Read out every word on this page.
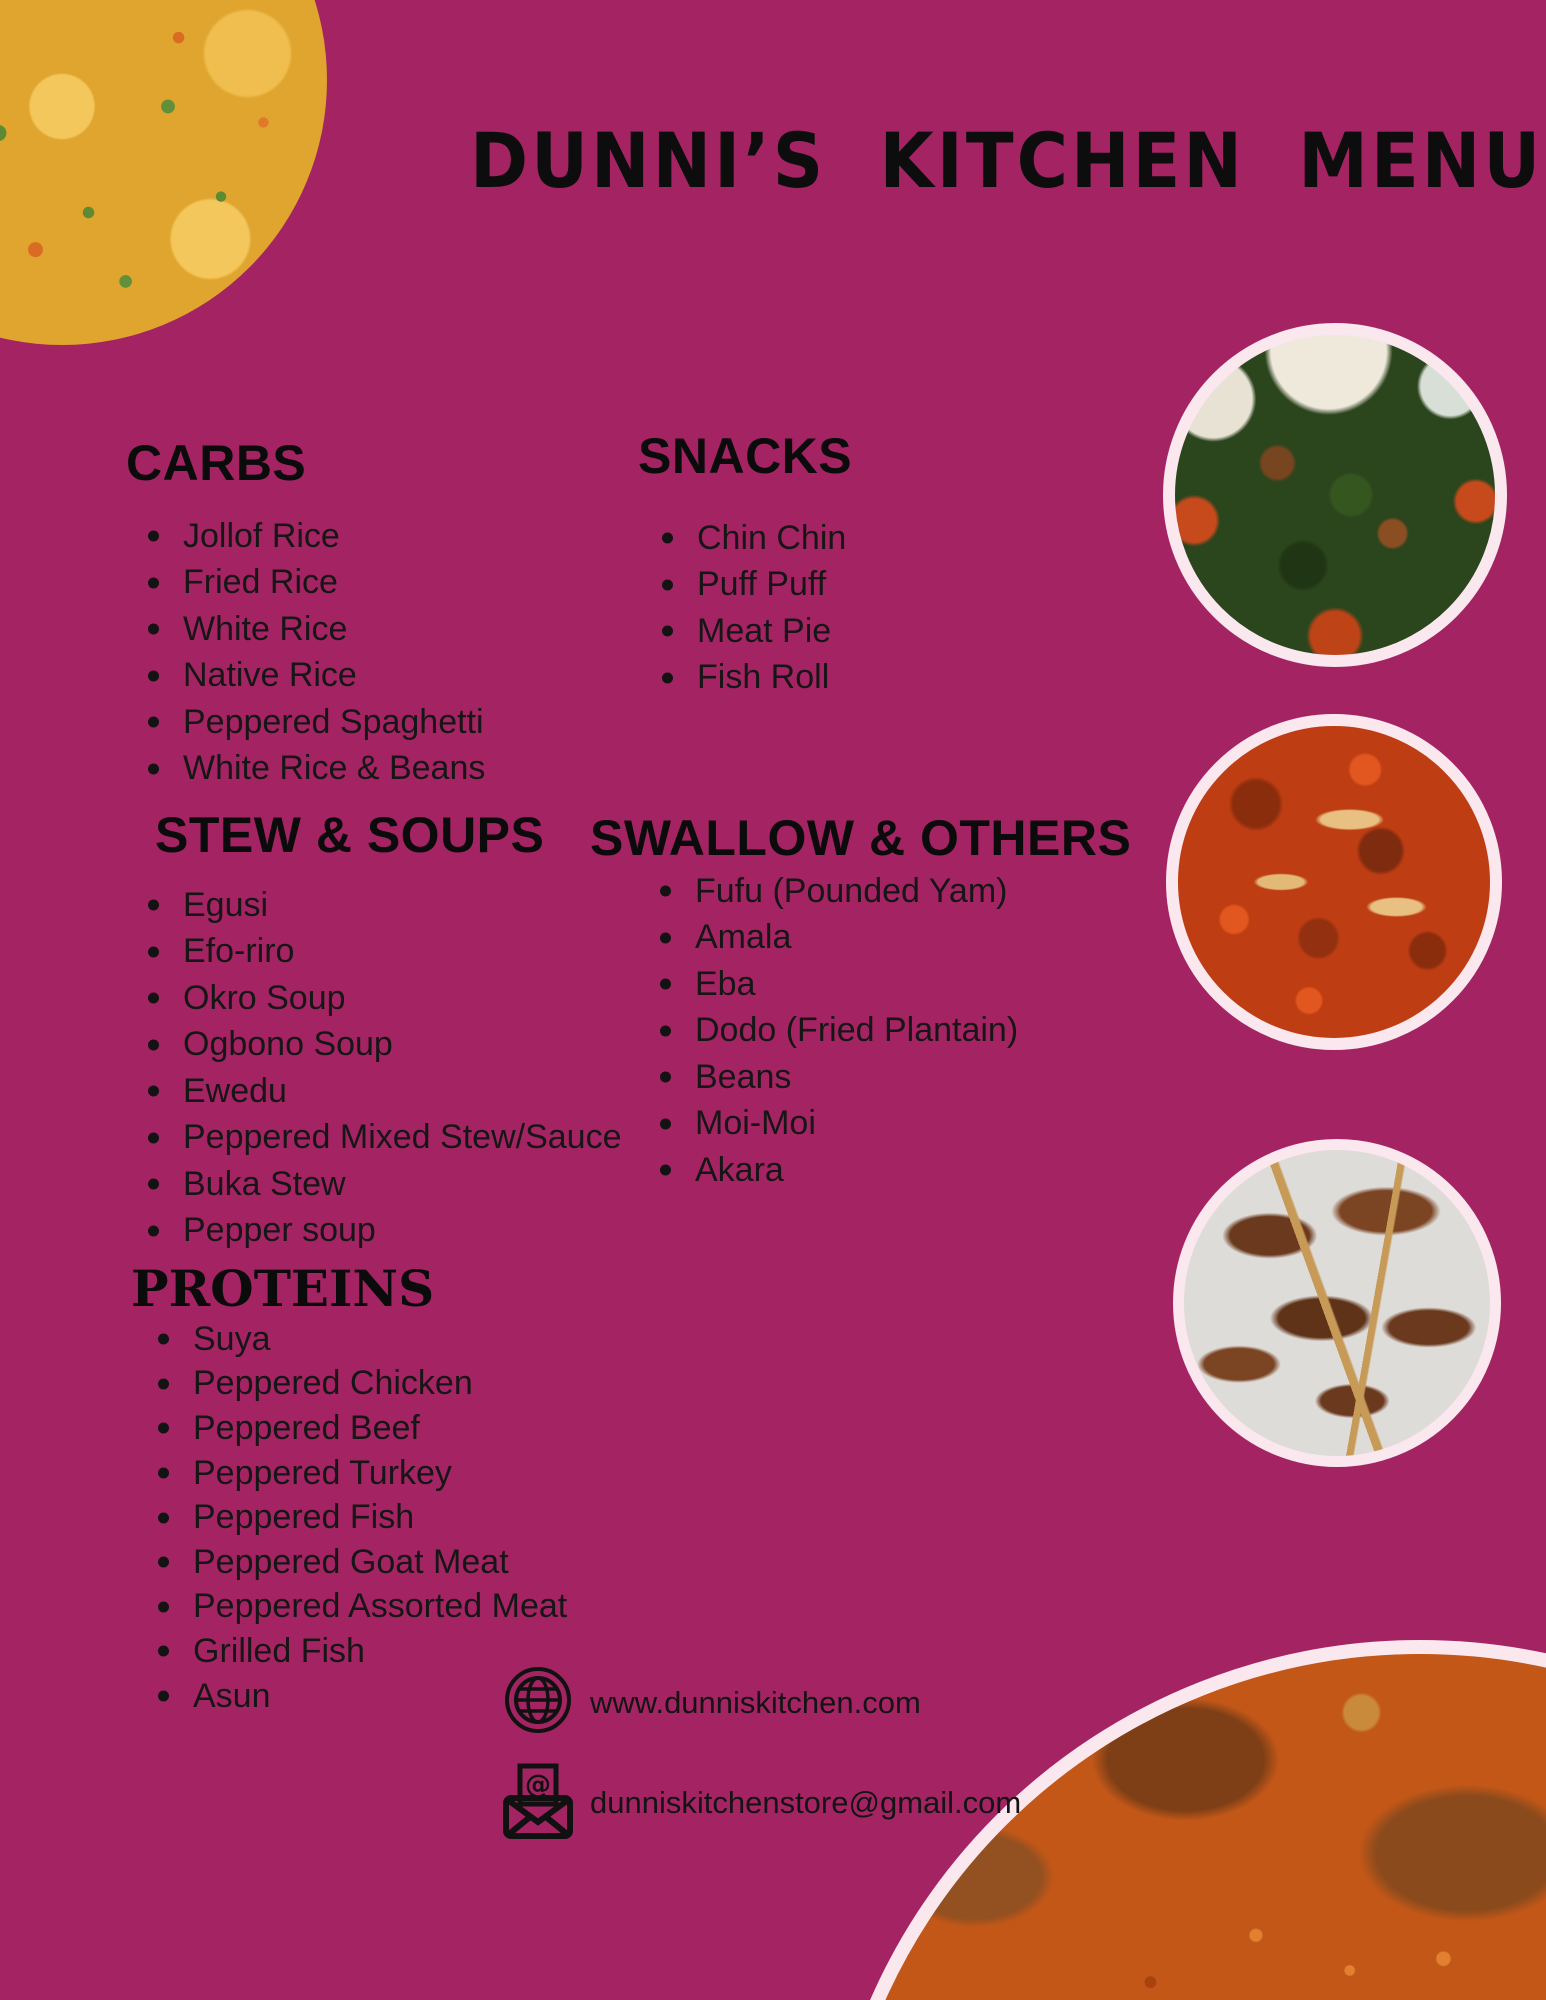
DUNNI’S KITCHEN MENU
CARBS
Jollof Rice
Fried Rice
White Rice
Native Rice
Peppered Spaghetti
White Rice & Beans
SNACKS
Chin Chin
Puff Puff
Meat Pie
Fish Roll
STEW & SOUPS
Egusi
Efo-riro
Okro Soup
Ogbono Soup
Ewedu
Peppered Mixed Stew/Sauce
Buka Stew
Pepper soup
SWALLOW & OTHERS
Fufu (Pounded Yam)
Amala
Eba
Dodo (Fried Plantain)
Beans
Moi-Moi
Akara
PROTEINS
Suya
Peppered Chicken
Peppered Beef
Peppered Turkey
Peppered Fish
Peppered Goat Meat
Peppered Assorted Meat
Grilled Fish
Asun	www.dunniskitchen.com
@ dunniskitchenstore@gmail.com
